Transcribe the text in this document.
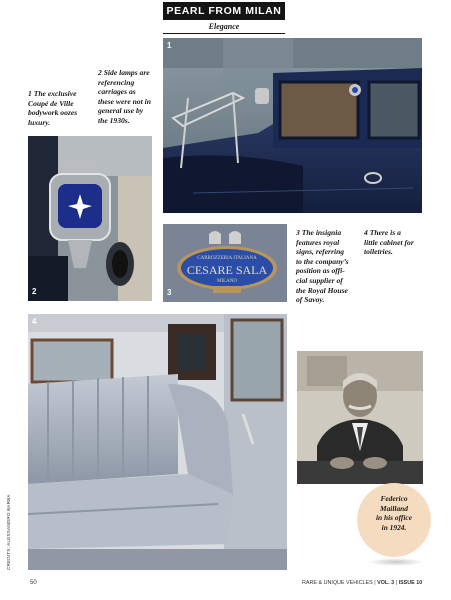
PEARL FROM MILAN
Elegance
1 The exclusive
Coupé de Ville
bodywork oozes
luxury.
2 Side lamps are
referencing
carriages as
these were not in
general use by
the 1930s.
1
2
CARROZZERIA ITALIANA
CESARE SALA
MILANO
3
3 The insignia
features royal
signs, referring
to the company’s
position as offi-
cial supplier of
the Royal House
of Savoy.
4 There is a
little cabinet for
toiletries.
4
Federico
Mailland
in his office
in 1924.
CREDITS: ALESSANDRO BARBA
50	RARE & UNIQUE VEHICLES | VOL. 3 | ISSUE 10
